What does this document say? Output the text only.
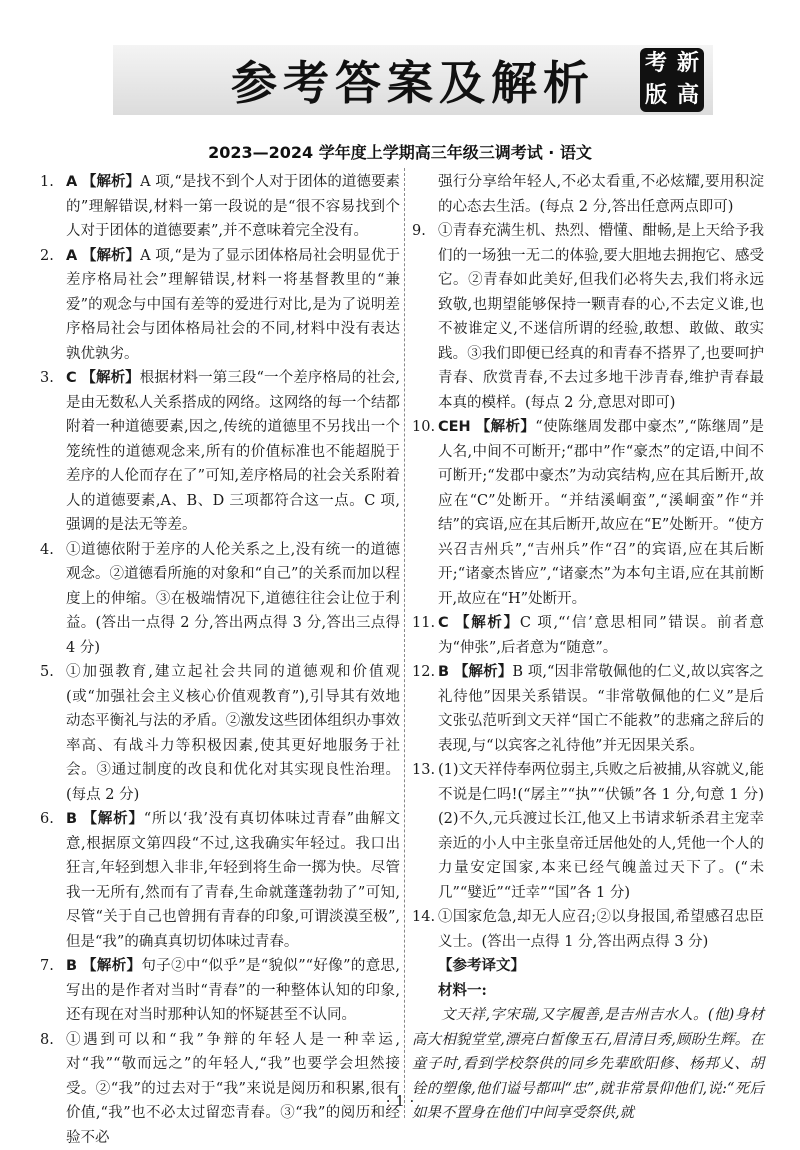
参考答案及解析 考 新
版 高
2023—2024 学年度上学期高三年级三调考试 · 语文
1. A 【解析】A 项,“是找不到个人对于团体的道德要素的”理解错误,材料一第一段说的是“很不容易找到个人对于团体的道德要素”,并不意味着完全没有。
2. A 【解析】A 项,“是为了显示团体格局社会明显优于差序格局社会”理解错误,材料一将基督教里的“兼爱”的观念与中国有差等的爱进行对比,是为了说明差序格局社会与团体格局社会的不同,材料中没有表达孰优孰劣。
3. C 【解析】根据材料一第三段“一个差序格局的社会,是由无数私人关系搭成的网络。这网络的每一个结都附着一种道德要素,因之,传统的道德里不另找出一个笼统性的道德观念来,所有的价值标准也不能超脱于差序的人伦而存在了”可知,差序格局的社会关系附着人的道德要素,A、B、D 三项都符合这一点。C 项,强调的是法无等差。
4. ①道德依附于差序的人伦关系之上,没有统一的道德观念。②道德看所施的对象和“自己”的关系而加以程度上的伸缩。③在极端情况下,道德往往会让位于利益。(答出一点得 2 分,答出两点得 3 分,答出三点得 4 分)
5. ①加强教育,建立起社会共同的道德观和价值观(或“加强社会主义核心价值观教育”),引导其有效地动态平衡礼与法的矛盾。②激发这些团体组织办事效率高、有战斗力等积极因素,使其更好地服务于社会。③通过制度的改良和优化对其实现良性治理。(每点 2 分)
6. B 【解析】“所以‘我’没有真切体味过青春”曲解文意,根据原文第四段“不过,这我确实年轻过。我口出狂言,年轻到想入非非,年轻到将生命一掷为快。尽管我一无所有,然而有了青春,生命就蓬蓬勃勃了”可知,尽管“关于自己也曾拥有青春的印象,可谓淡漠至极”,但是“我”的确真真切切体味过青春。
7. B 【解析】句子②中“似乎”是“貌似”“好像”的意思,写出的是作者对当时“青春”的一种整体认知的印象,还有现在对当时那种认知的怀疑甚至不认同。
8. ①遇到可以和“我”争辩的年轻人是一种幸运,对“我”“敬而远之”的年轻人,“我”也要学会坦然接受。②“我”的过去对于“我”来说是阅历和积累,很有价值,“我”也不必太过留恋青春。③“我”的阅历和经验不必
强行分享给年轻人,不必太看重,不必炫耀,要用积淀的心态去生活。(每点 2 分,答出任意两点即可)
9. ①青春充满生机、热烈、懵懂、酣畅,是上天给予我们的一场独一无二的体验,要大胆地去拥抱它、感受它。②青春如此美好,但我们必将失去,我们将永远致敬,也期望能够保持一颗青春的心,不去定义谁,也不被谁定义,不迷信所谓的经验,敢想、敢做、敢实践。③我们即便已经真的和青春不搭界了,也要呵护青春、欣赏青春,不去过多地干涉青春,维护青春最本真的模样。(每点 2 分,意思对即可)
10. CEH 【解析】“使陈继周发郡中豪杰”,“陈继周”是人名,中间不可断开;“郡中”作“豪杰”的定语,中间不可断开;“发郡中豪杰”为动宾结构,应在其后断开,故应在“C”处断开。“并结溪峒蛮”,“溪峒蛮”作“并结”的宾语,应在其后断开,故应在“E”处断开。“使方兴召吉州兵”,“吉州兵”作“召”的宾语,应在其后断开;“诸豪杰皆应”,“诸豪杰”为本句主语,应在其前断开,故应在“H”处断开。
11. C 【解析】C 项,“‘信’意思相同”错误。前者意为“伸张”,后者意为“随意”。
12. B 【解析】B 项,“因非常敬佩他的仁义,故以宾客之礼待他”因果关系错误。“非常敬佩他的仁义”是后文张弘范听到文天祥“国亡不能救”的悲痛之辞后的表现,与“以宾客之礼待他”并无因果关系。
13. (1)文天祥侍奉两位弱主,兵败之后被捕,从容就义,能不说是仁吗!(“孱主”“执”“伏锧”各 1 分,句意 1 分) (2)不久,元兵渡过长江,他又上书请求斩杀君主宠幸亲近的小人中主张皇帝迁居他处的人,凭他一个人的力量安定国家,本来已经气魄盖过天下了。(“未几”“嬖近”“迁幸”“国”各 1 分)
14. ①国家危急,却无人应召;②以身报国,希望感召忠臣义士。(答出一点得 1 分,答出两点得 3 分)
【参考译文】
材料一:
文天祥,字宋瑞,又字履善,是吉州吉水人。(他)身材高大相貌堂堂,漂亮白皙像玉石,眉清目秀,顾盼生辉。在童子时,看到学校祭供的同乡先辈欧阳修、杨邦乂、胡铨的塑像,他们谥号都叫“忠”,就非常景仰他们,说:“死后如果不置身在他们中间享受祭供,就
· 1 ·
